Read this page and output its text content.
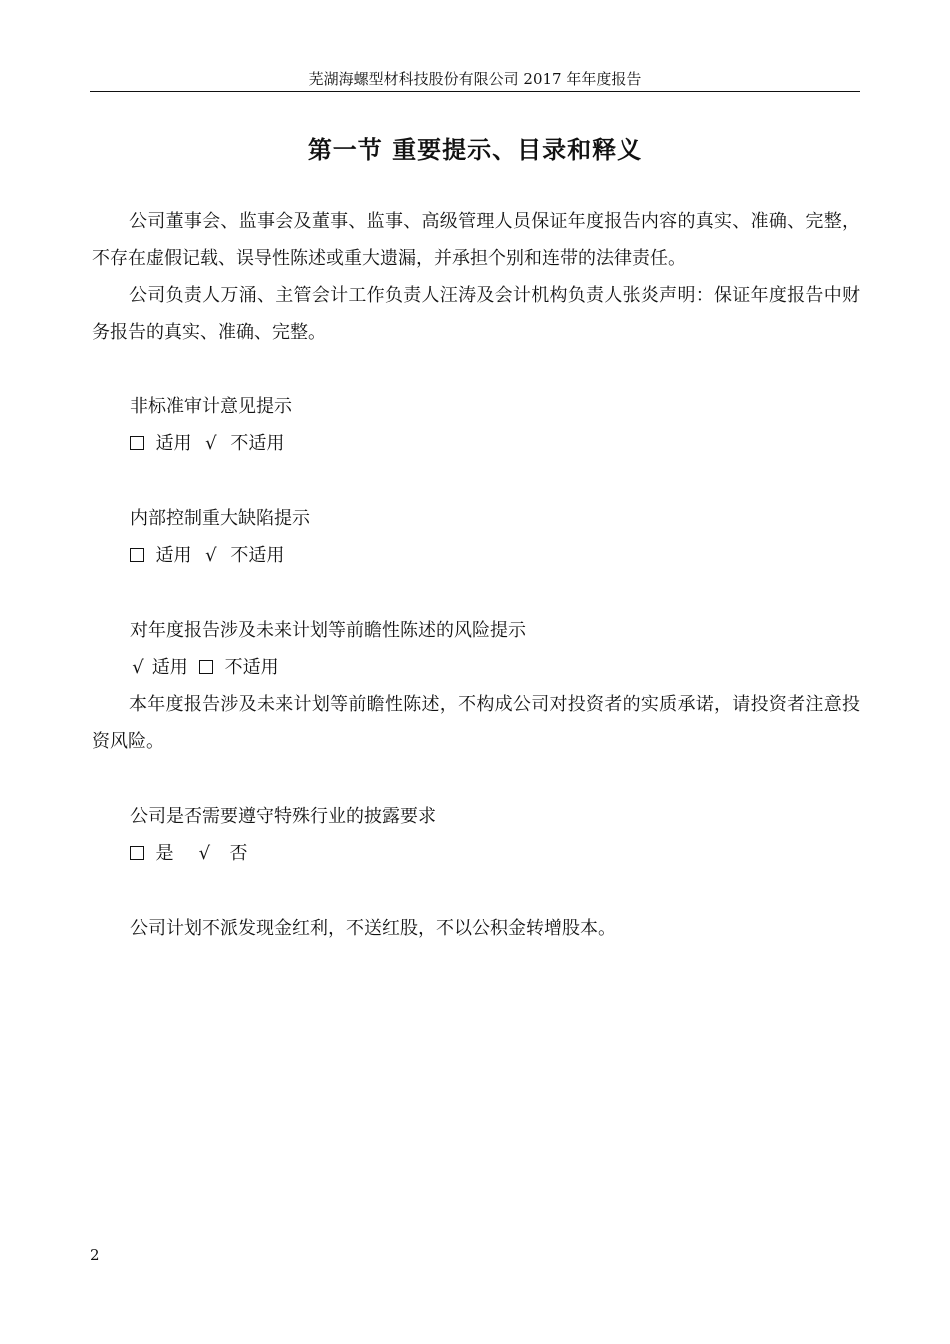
芜湖海螺型材科技股份有限公司 2017 年年度报告
第一节 重要提示、目录和释义
公司董事会、监事会及董事、监事、高级管理人员保证年度报告内容的真实、准确、完整，不存在虚假记载、误导性陈述或重大遗漏，并承担个别和连带的法律责任。
公司负责人万涌、主管会计工作负责人汪涛及会计机构负责人张炎声明：保证年度报告中财务报告的真实、准确、完整。
非标准审计意见提示
适用 √ 不适用
内部控制重大缺陷提示
适用 √ 不适用
对年度报告涉及未来计划等前瞻性陈述的风险提示
√ 适用 不适用
本年度报告涉及未来计划等前瞻性陈述，不构成公司对投资者的实质承诺，请投资者注意投资风险。
公司是否需要遵守特殊行业的披露要求
是 √ 否
公司计划不派发现金红利，不送红股，不以公积金转增股本。
2
